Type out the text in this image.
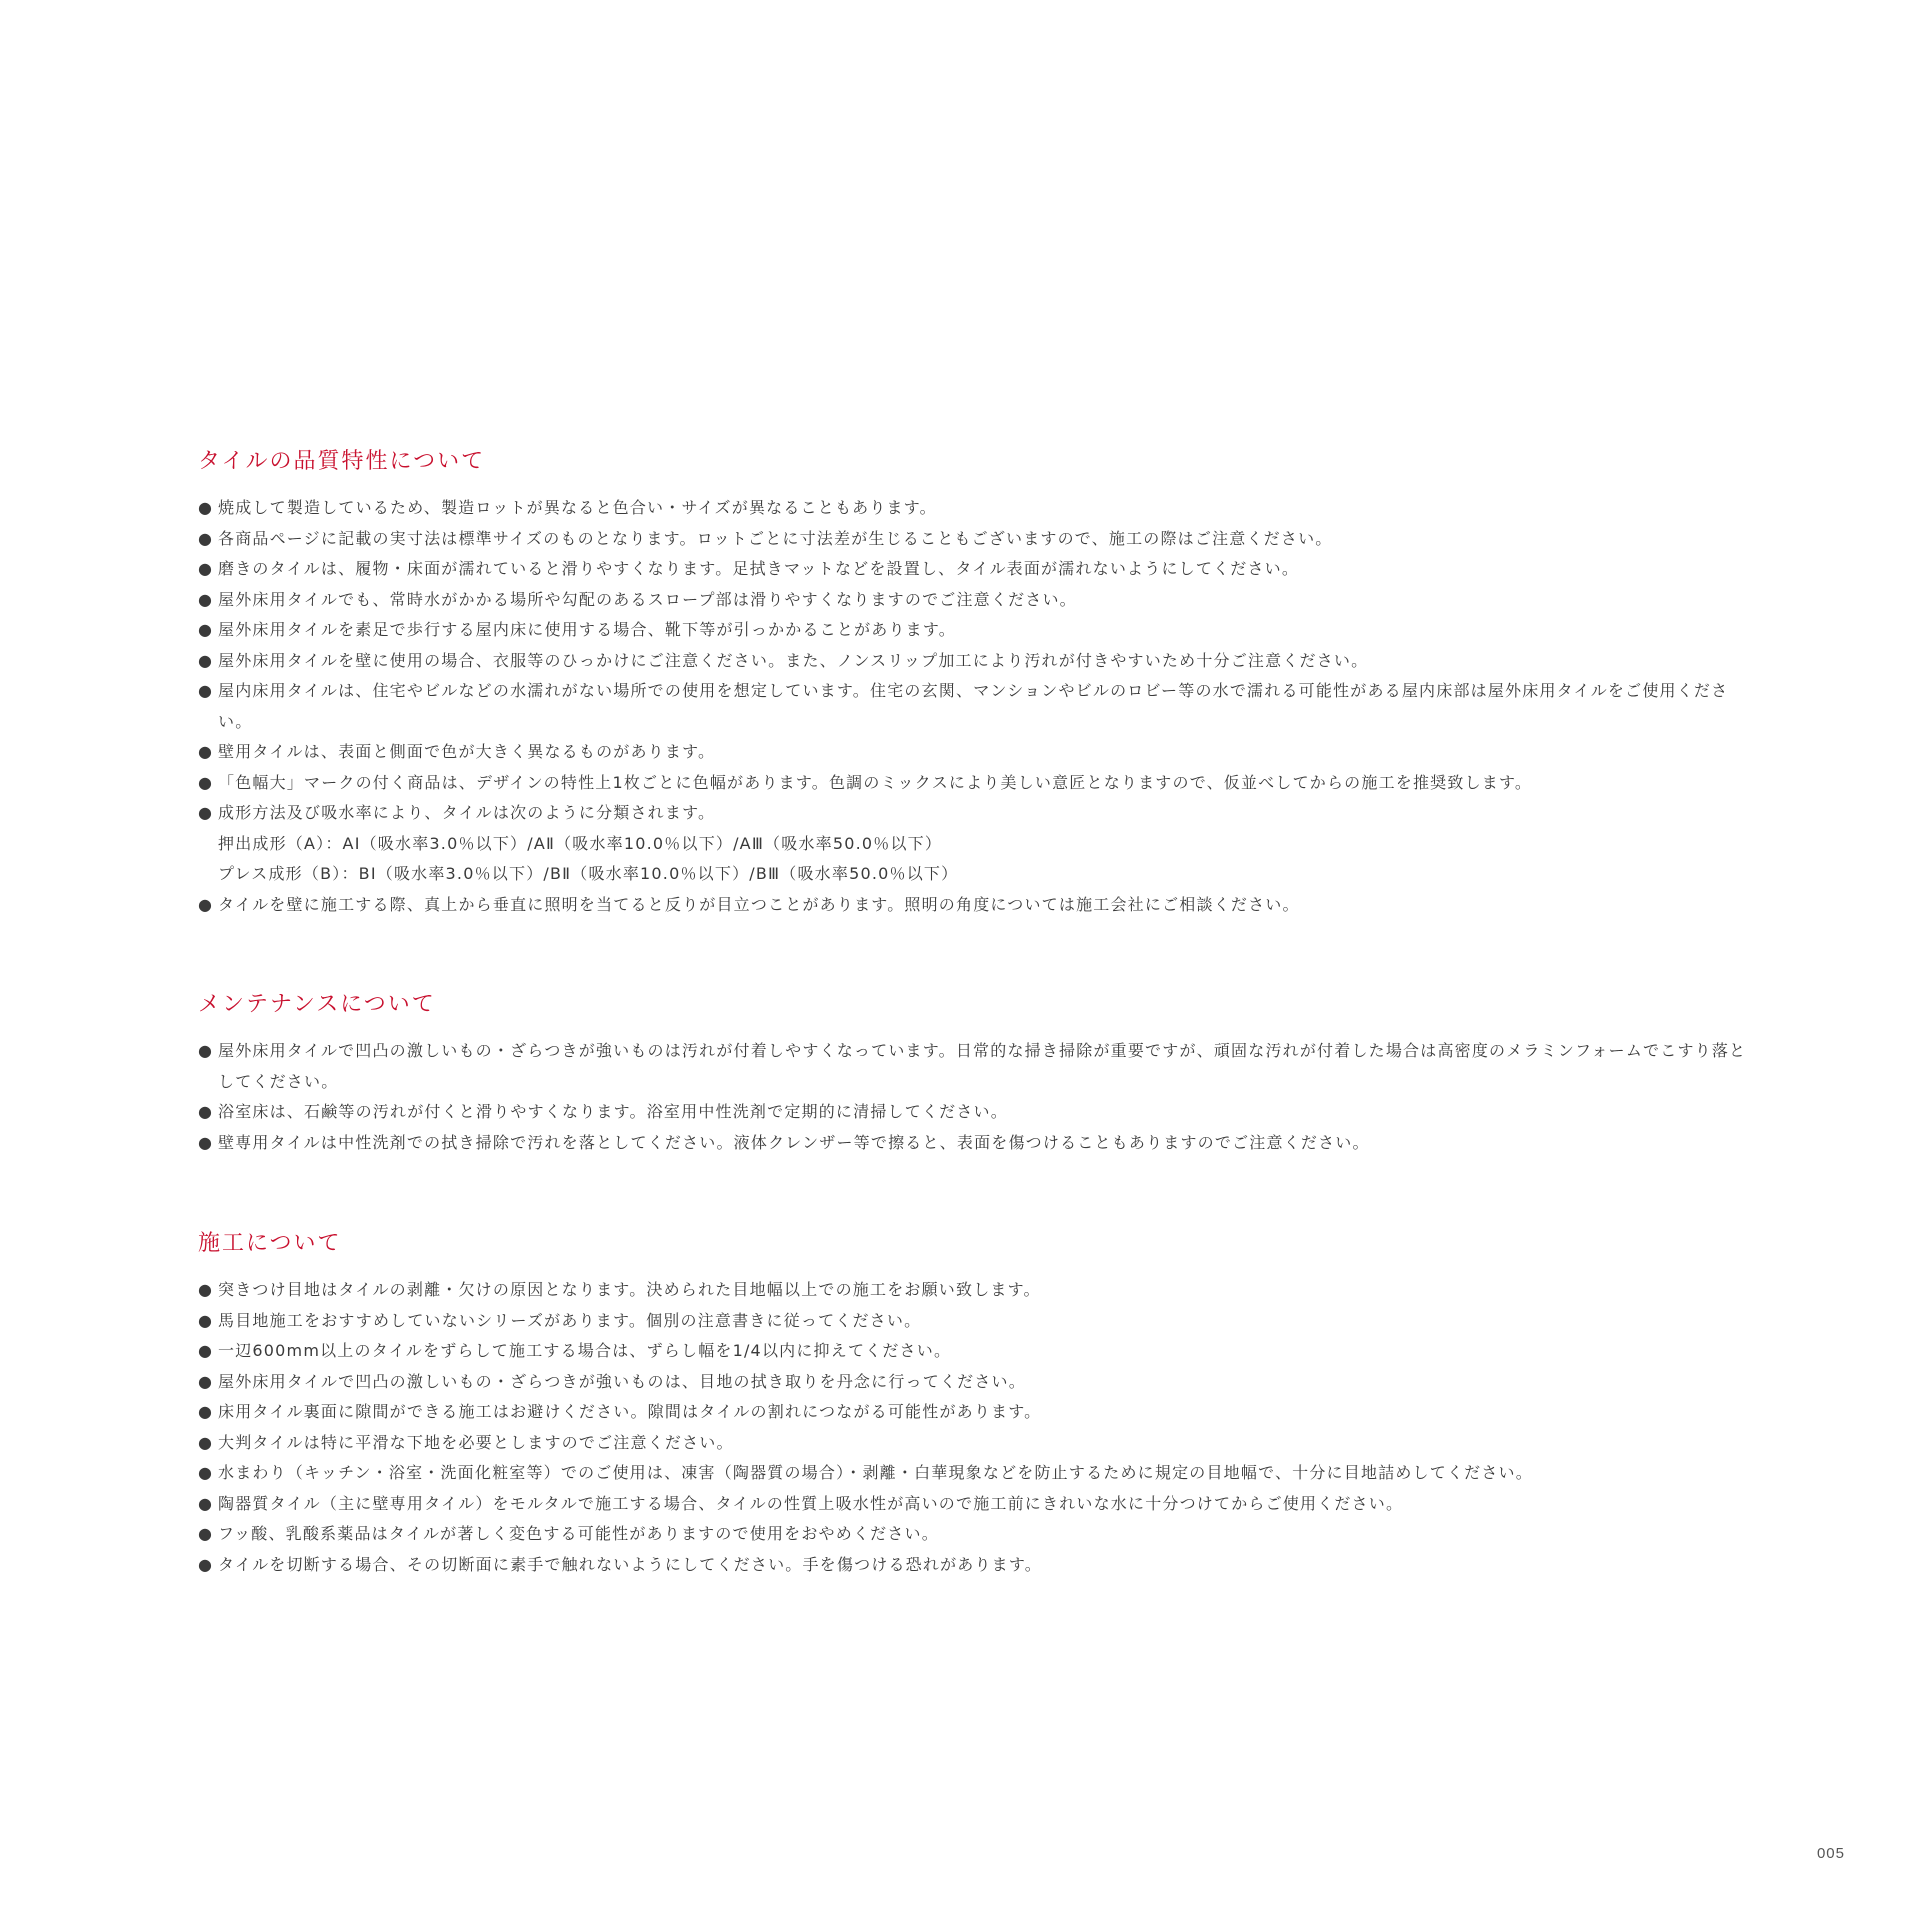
タイルの品質特性について
● 焼成して製造しているため、製造ロットが異なると色合い・サイズが異なることもあります。
● 各商品ページに記載の実寸法は標準サイズのものとなります。ロットごとに寸法差が生じることもございますので、施工の際はご注意ください。
● 磨きのタイルは、履物・床面が濡れていると滑りやすくなります。足拭きマットなどを設置し、タイル表面が濡れないようにしてください。
● 屋外床用タイルでも、常時水がかかる場所や勾配のあるスロープ部は滑りやすくなりますのでご注意ください。
● 屋外床用タイルを素足で歩行する屋内床に使用する場合、靴下等が引っかかることがあります。
● 屋外床用タイルを壁に使用の場合、衣服等のひっかけにご注意ください。また、ノンスリップ加工により汚れが付きやすいため十分ご注意ください。
● 屋内床用タイルは、住宅やビルなどの水濡れがない場所での使用を想定しています。住宅の玄関、マンションやビルのロビー等の水で濡れる可能性がある屋内床部は屋外床用タイルをご使用ください。
● 壁用タイルは、表面と側面で色が大きく異なるものがあります。
● 「色幅大」マークの付く商品は、デザインの特性上1枚ごとに色幅があります。色調のミックスにより美しい意匠となりますので、仮並べしてからの施工を推奨致します。
● 成形方法及び吸水率により、タイルは次のように分類されます。
押出成形（A）：AⅠ（吸水率3.0％以下）/AⅡ（吸水率10.0％以下）/AⅢ（吸水率50.0％以下）
プレス成形（B）：BⅠ（吸水率3.0％以下）/BⅡ（吸水率10.0％以下）/BⅢ（吸水率50.0％以下）
● タイルを壁に施工する際、真上から垂直に照明を当てると反りが目立つことがあります。照明の角度については施工会社にご相談ください。
メンテナンスについて
● 屋外床用タイルで凹凸の激しいもの・ざらつきが強いものは汚れが付着しやすくなっています。日常的な掃き掃除が重要ですが、頑固な汚れが付着した場合は高密度のメラミンフォームでこすり落としてください。
● 浴室床は、石鹸等の汚れが付くと滑りやすくなります。浴室用中性洗剤で定期的に清掃してください。
● 壁専用タイルは中性洗剤での拭き掃除で汚れを落としてください。液体クレンザー等で擦ると、表面を傷つけることもありますのでご注意ください。
施工について
● 突きつけ目地はタイルの剥離・欠けの原因となります。決められた目地幅以上での施工をお願い致します。
● 馬目地施工をおすすめしていないシリーズがあります。個別の注意書きに従ってください。
● 一辺600mm以上のタイルをずらして施工する場合は、ずらし幅を1/4以内に抑えてください。
● 屋外床用タイルで凹凸の激しいもの・ざらつきが強いものは、目地の拭き取りを丹念に行ってください。
● 床用タイル裏面に隙間ができる施工はお避けください。隙間はタイルの割れにつながる可能性があります。
● 大判タイルは特に平滑な下地を必要としますのでご注意ください。
● 水まわり（キッチン・浴室・洗面化粧室等）でのご使用は、凍害（陶器質の場合）・剥離・白華現象などを防止するために規定の目地幅で、十分に目地詰めしてください。
● 陶器質タイル（主に壁専用タイル）をモルタルで施工する場合、タイルの性質上吸水性が高いので施工前にきれいな水に十分つけてからご使用ください。
● フッ酸、乳酸系薬品はタイルが著しく変色する可能性がありますので使用をおやめください。
● タイルを切断する場合、その切断面に素手で触れないようにしてください。手を傷つける恐れがあります。
005
